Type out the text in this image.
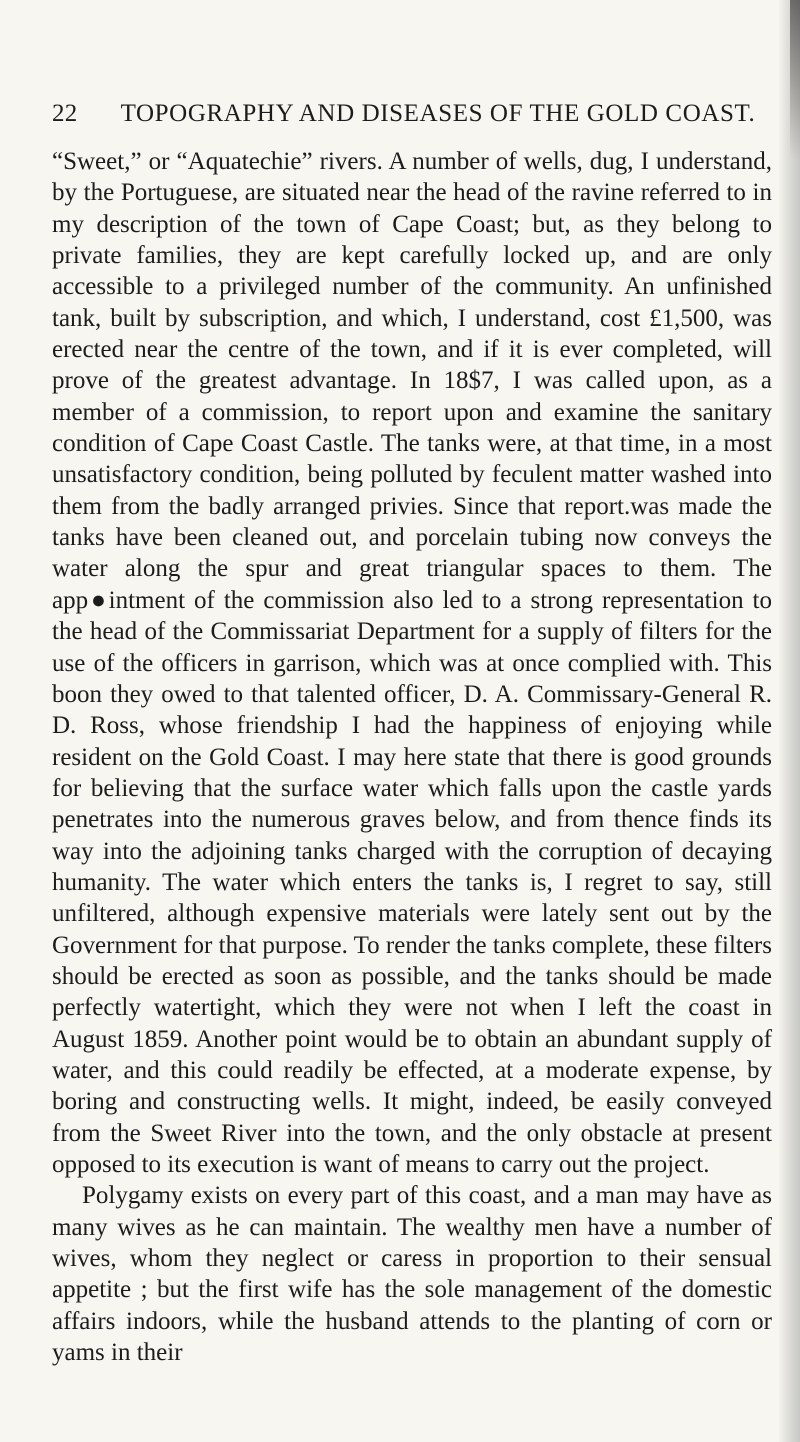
22	TOPOGRAPHY AND DISEASES OF THE GOLD COAST.

“Sweet,” or “Aquatechie” rivers. A number of wells, dug, I understand, by the Portuguese, are situated near the head of the ravine referred to in my description of the town of Cape Coast; but, as they belong to private families, they are kept carefully locked up, and are only accessible to a privileged number of the community. An unfinished tank, built by subscription, and which, I understand, cost £1,500, was erected near the centre of the town, and if it is ever completed, will prove of the greatest advantage. In 18$7, I was called upon, as a member of a commission, to report upon and examine the sanitary condition of Cape Coast Castle. The tanks were, at that time, in a most unsatisfactory condition, being polluted by feculent matter washed into them from the badly arranged privies. Since that report.was made the tanks have been cleaned out, and porcelain tubing now conveys the water along the spur and great triangular spaces to them. The app●intment of the commission also led to a strong representation to the head of the Commissariat Department for a supply of filters for the use of the officers in garrison, which was at once complied with. This boon they owed to that talented officer, D. A. Commissary-General R. D. Ross, whose friendship I had the happiness of enjoying while resident on the Gold Coast. I may here state that there is good grounds for believing that the surface water which falls upon the castle yards penetrates into the numerous graves below, and from thence finds its way into the adjoining tanks charged with the corruption of decaying humanity. The water which enters the tanks is, I regret to say, still unfiltered, although expensive materials were lately sent out by the Government for that purpose. To render the tanks complete, these filters should be erected as soon as possible, and the tanks should be made perfectly watertight, which they were not when I left the coast in August 1859. Another point would be to obtain an abundant supply of water, and this could readily be effected, at a moderate expense, by boring and constructing wells. It might, indeed, be easily conveyed from the Sweet River into the town, and the only obstacle at present opposed to its execution is want of means to carry out the project.

Polygamy exists on every part of this coast, and a man may have as many wives as he can maintain. The wealthy men have a number of wives, whom they neglect or caress in proportion to their sensual appetite ; but the first wife has the sole management of the domestic affairs indoors, while the husband attends to the planting of corn or yams in their
